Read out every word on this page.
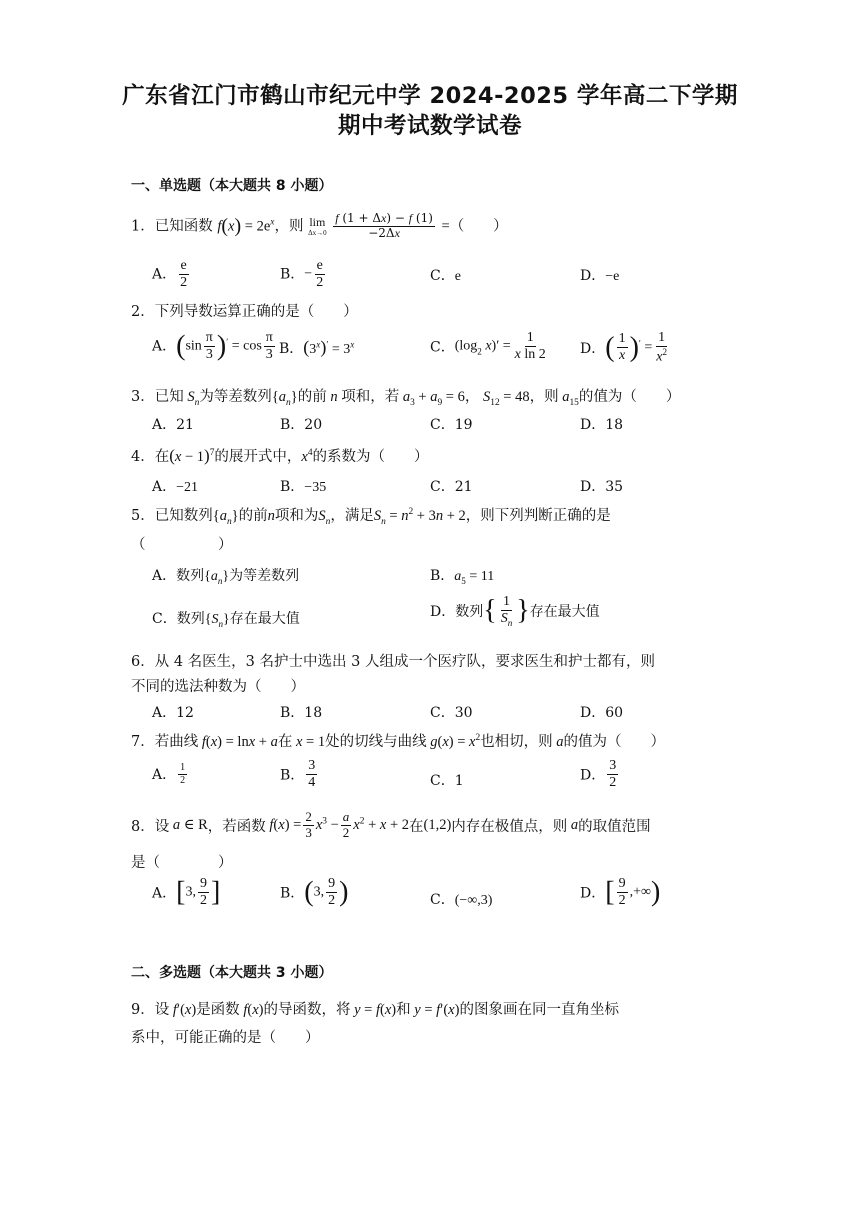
广东省江门市鹤山市纪元中学 2024-2025 学年高二下学期
期中考试数学试卷
一、单选题（本大题共 8 小题）
1．已知函数 $f(x) = 2e^x$，则 lim
Δx→0
$\frac{f (1 + \Delta x) - f (1)}{-2\Delta x}$ =（　　）
A． $\frac{e}{2}$	B．− $\frac{e}{2}$	C．e	D．−e
2．下列导数运算正确的是（　　）
A．$(\sin \frac{\pi}{3} )' = \cos \frac{\pi}{3}$ B．$(3^x)' = 3^x$	C．($\log_2$ $x)' = \frac{1}{\text{x ln 2}}$ D．( $\frac{1}{x} )' = \frac{1}{x^2}$
3．已知 $S_n$为等差数列$\{a_n\}$的前 n 项和，若 $a_3 + a_9 = 6$， $S_{12} = 48$，则 $a_{15}$的值为（　　）
A．21	B．20	C．19	D．18
4．在$(x - 1)^7$的展开式中，$x^4$的系数为（　　）
A．−21	B．−35	C．21	D．35
5．已知数列$\{a_n\}$的前n项和为$S_n$，满足$S_n = n^2 + 3n + 2$，则下列判断正确的是
（　　　　　）
A．数列$\{a_n\}$为等差数列	B．$a_5 = 11$
C．数列$\{S_n\}$存在最大值	D．数列{ $\frac{1}{S_n}$ }存在最大值
6．从 4 名医生，3 名护士中选出 3 人组成一个医疗队，要求医生和护士都有，则
不同的选法种数为（　　）
A．12	B．18	C．30	D．60
7．若曲线 f(x) = lnx + a在 x = 1处的切线与曲线 $g(x) = x^2$也相切，则 a的值为（　　）
A． $\frac{1}{2}$	B． $\frac{3}{4}$	C．1	D． $\frac{3}{2}$
8．设 a ∈ R，若函数 $f(x) = \frac{2}{3} x^3 - \frac{a}{2} x^2 + x + 2$在(1,2)内存在极值点，则 a的取值范围
是（　　　　）
A．[3, $\frac{9}{2}$ ]	B．(3, $\frac{9}{2}$ )	C．(−∞,3)	D．[ $\frac{9}{2}$ ,+∞)
二、多选题（本大题共 3 小题）
9．设 f′(x)是函数 f(x)的导函数，将 y = f(x)和 y = f′(x)的图象画在同一直角坐标
系中，可能正确的是（　　）
